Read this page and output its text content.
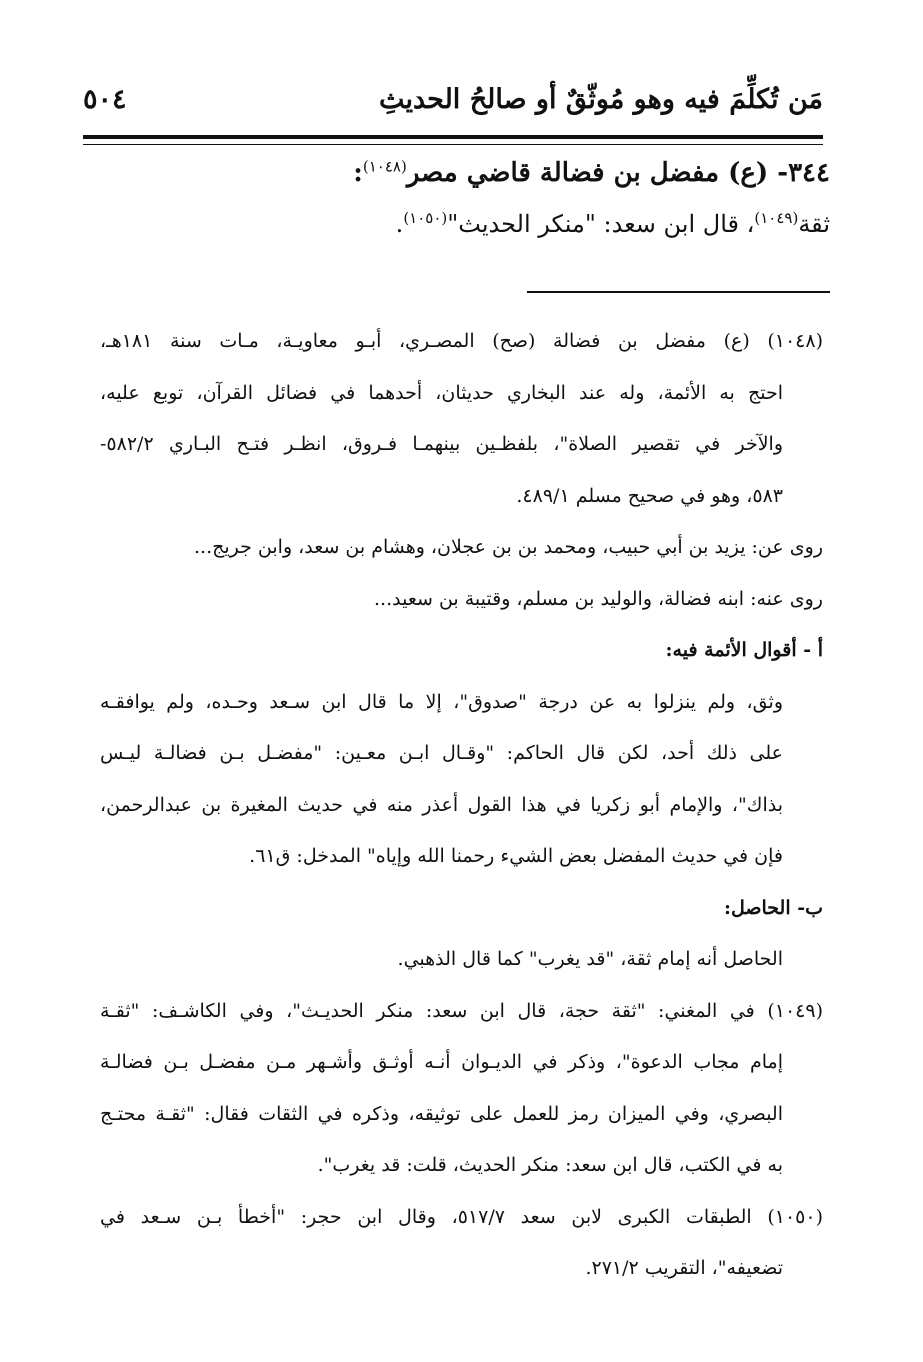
مَن تُكلِّمَ فيه وهو مُوثّقٌ أو صالحُ الحديثِ
٥٠٤
٣٤٤- (ع) مفضل بن فضالة قاضي مصر$^{(١٠٤٨)}$:
ثقة$^{(١٠٤٩)}$، قال ابن سعد: "منكر الحديث"$^{(١٠٥٠)}$.
(١٠٤٨) (ع) مفضل بن فضالة (صح) المصـري، أبـو معاويـة، مـات سنة ١٨١هـ،
احتج به الأئمة، وله عند البخاري حديثان، أحدهما في فضائل القرآن، توبع عليه،
والآخر في تقصير الصلاة"، بلفظـين بينهمـا فـروق، انظـر فتـح البـاري ٥٨٢/٢-
٥٨٣، وهو في صحيح مسلم ٤٨٩/١.
روى عن: يزيد بن أبي حبيب، ومحمد بن بن عجلان، وهشام بن سعد، وابن جريج...
روى عنه: ابنه فضالة، والوليد بن مسلم، وقتيبة بن سعيد...
أ - أقوال الأئمة فيه:
وثق، ولم ينزلوا به عن درجة "صدوق"، إلا ما قال ابن سـعد وحـده، ولم يوافقـه
على ذلك أحد، لكن قال الحاكم: "وقـال ابـن معـين: "مفضـل بـن فضالـة ليـس
بذاك"، والإمام أبو زكريا في هذا القول أعذر منه في حديث المغيرة بن عبدالرحمن،
فإن في حديث المفضل بعض الشيء رحمنا الله وإياه" المدخل: ق٦١.
ب- الحاصل:
الحاصل أنه إمام ثقة، "قد يغرب" كما قال الذهبي.
(١٠٤٩) في المغني: "ثقة حجة، قال ابن سعد: منكر الحديـث"، وفي الكاشـف: "ثقـة
إمام مجاب الدعوة"، وذكر في الديـوان أنـه أوثـق وأشـهر مـن مفضـل بـن فضالـة
البصري، وفي الميزان رمز للعمل على توثيقه، وذكره في الثقات فقال: "ثقـة محتـج
به في الكتب، قال ابن سعد: منكر الحديث، قلت: قد يغرب".
(١٠٥٠) الطبقات الكبرى لابن سعد ٥١٧/٧، وقال ابن حجر: "أخطأ بـن سـعد في
تضعيفه"، التقريب ٢٧١/٢.
